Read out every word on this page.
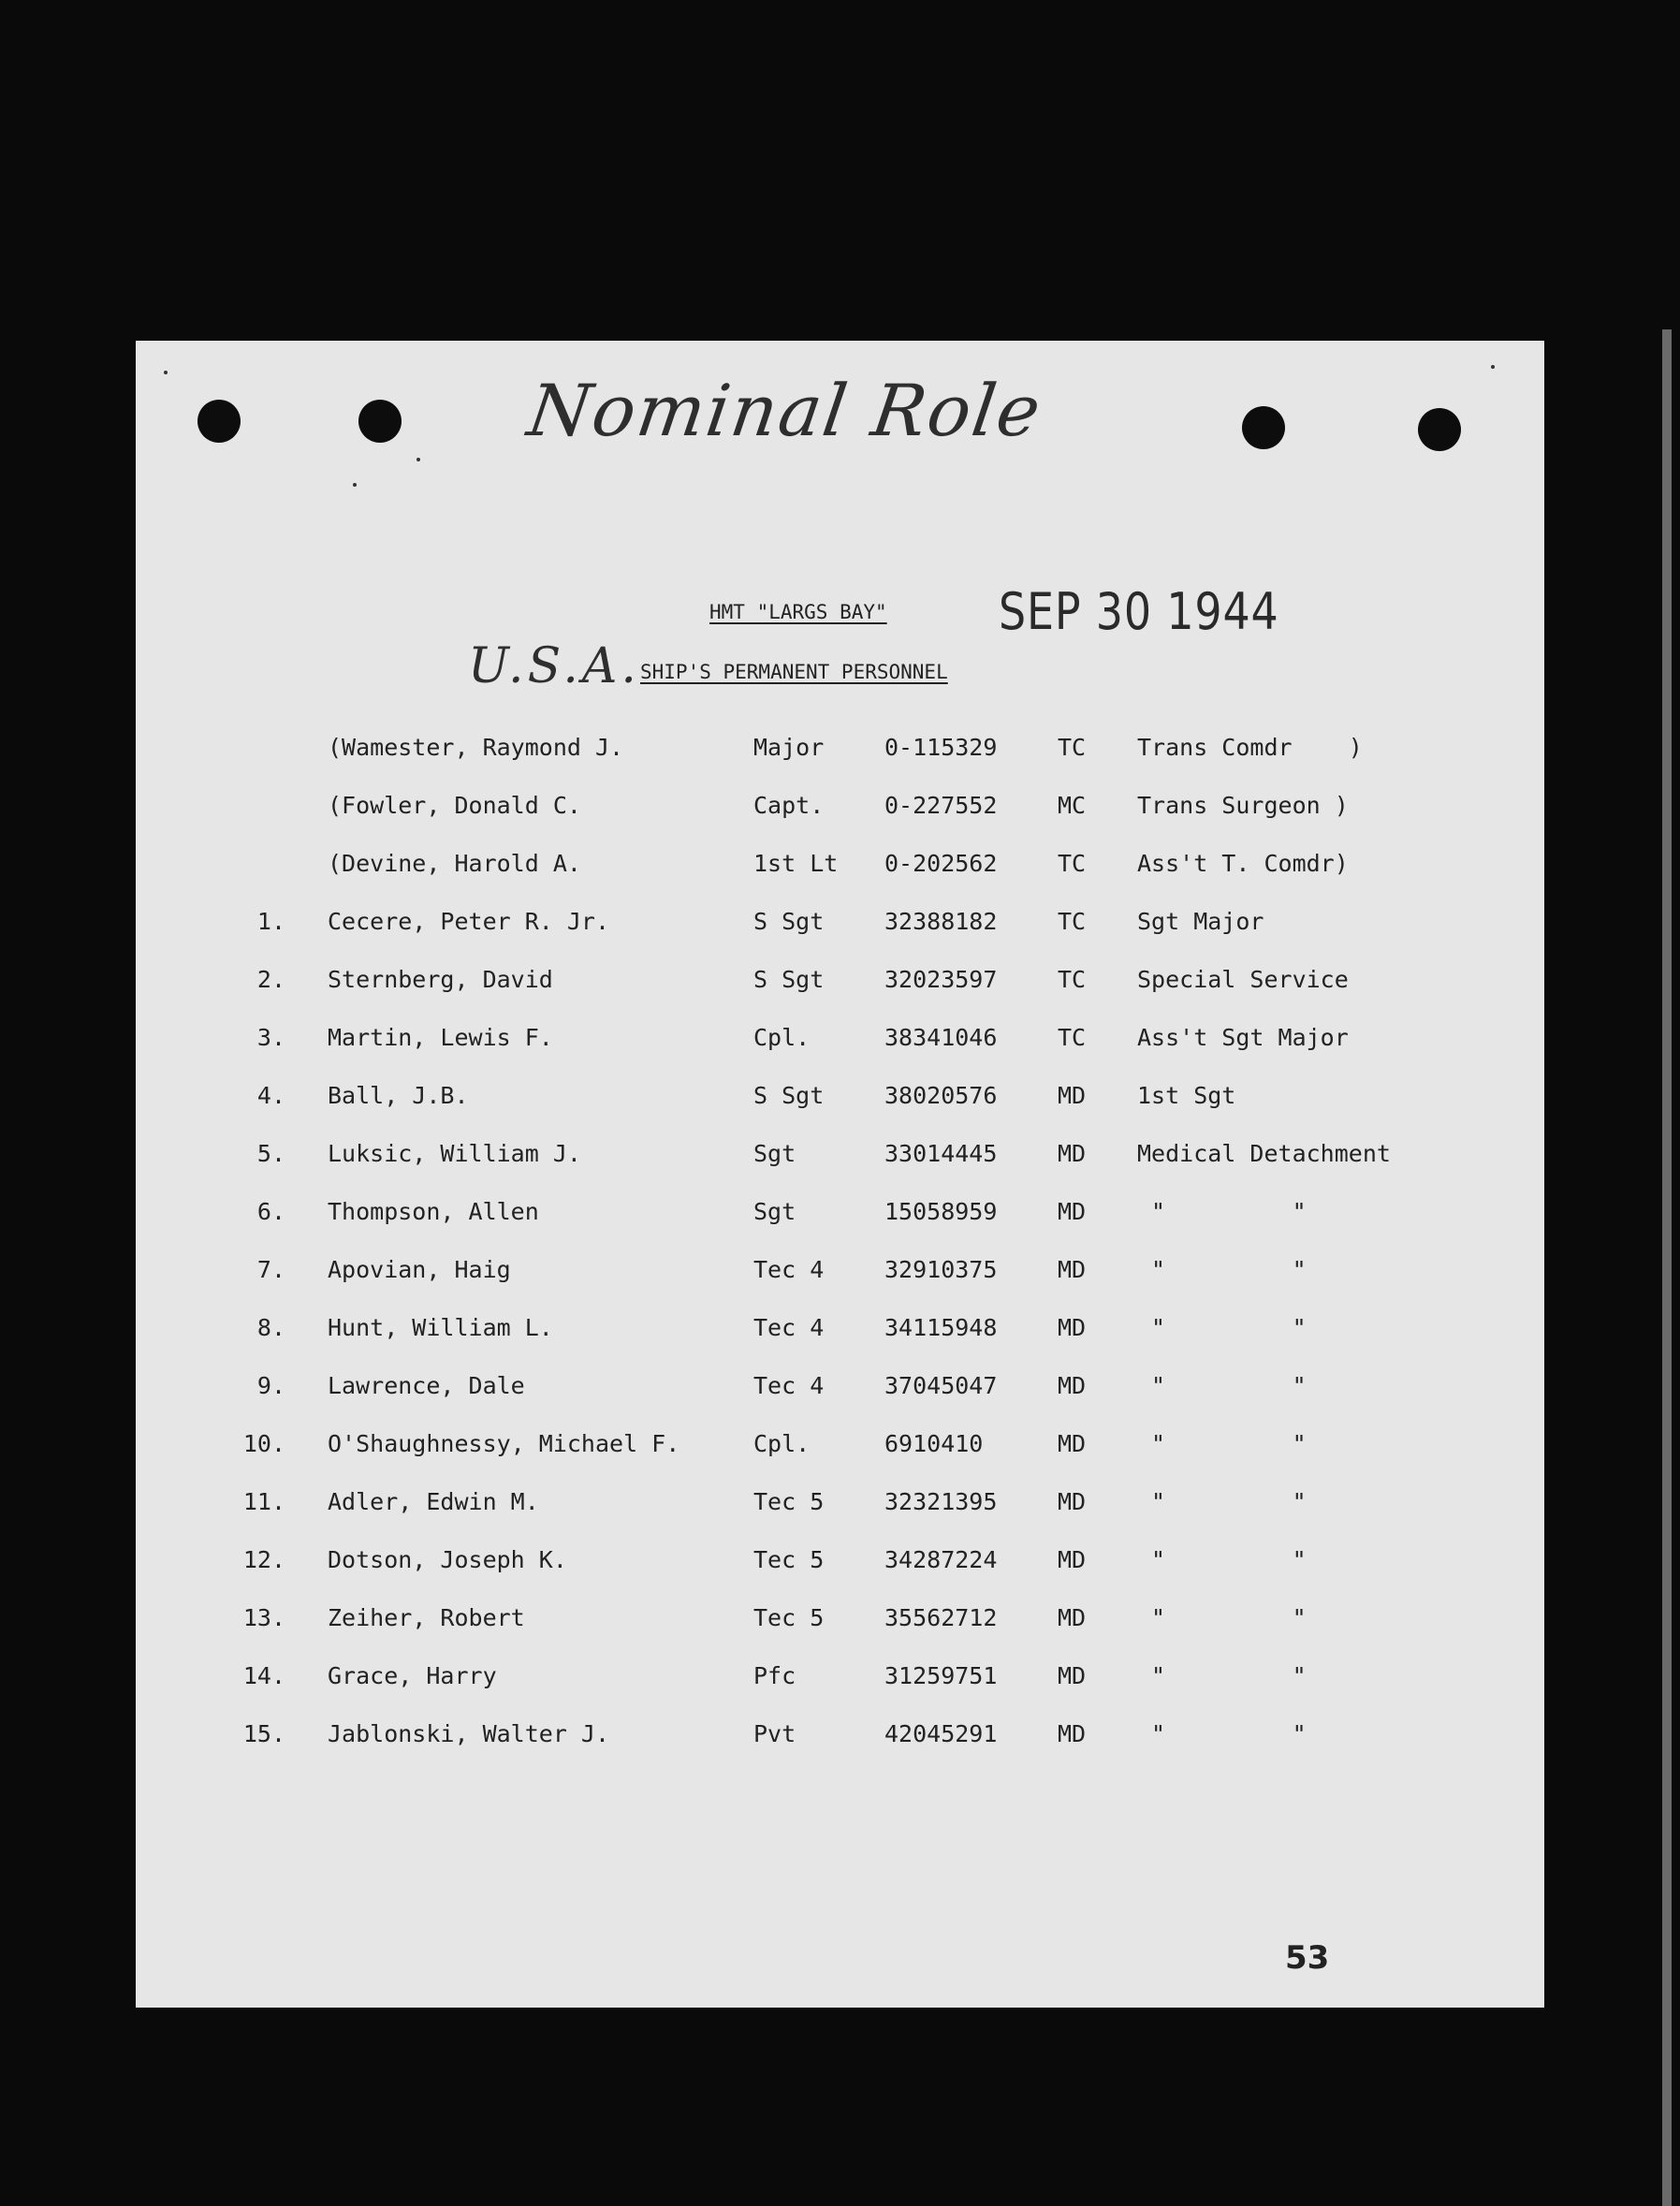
Nominal Role
U.S.A.
HMT "LARGS BAY" SEP 30 1944
SHIP'S PERMANENT PERSONNEL
(Wamester, Raymond J.	Major	0-115329	TC Trans Comdr    )
(Fowler, Donald C.	Capt.	0-227552	MC Trans Surgeon )
(Devine, Harold A.	1st Lt 0-202562	TC Ass't T. Comdr)
1. Cecere, Peter R. Jr.	S Sgt	32388182	TC Sgt Major
2. Sternberg, David	S Sgt	32023597	TC Special Service
3. Martin, Lewis F.	Cpl.	38341046	TC Ass't Sgt Major
4. Ball, J.B.	S Sgt	38020576	MD 1st Sgt
5. Luksic, William J.	Sgt	33014445	MD Medical Detachment
6. Thompson, Allen	Sgt	15058959	MD "         "
7. Apovian, Haig	Tec 4	32910375	MD "         "
8. Hunt, William L.	Tec 4	34115948	MD "         "
9. Lawrence, Dale	Tec 4	37045047	MD "         "
10. O'Shaughnessy, Michael F.	Cpl.	6910410	MD "         "
11. Adler, Edwin M.	Tec 5	32321395	MD "         "
12. Dotson, Joseph K.	Tec 5	34287224	MD "         "
13. Zeiher, Robert	Tec 5	35562712	MD "         "
14. Grace, Harry	Pfc	31259751	MD "         "
15. Jablonski, Walter J.	Pvt	42045291	MD "         "
53
